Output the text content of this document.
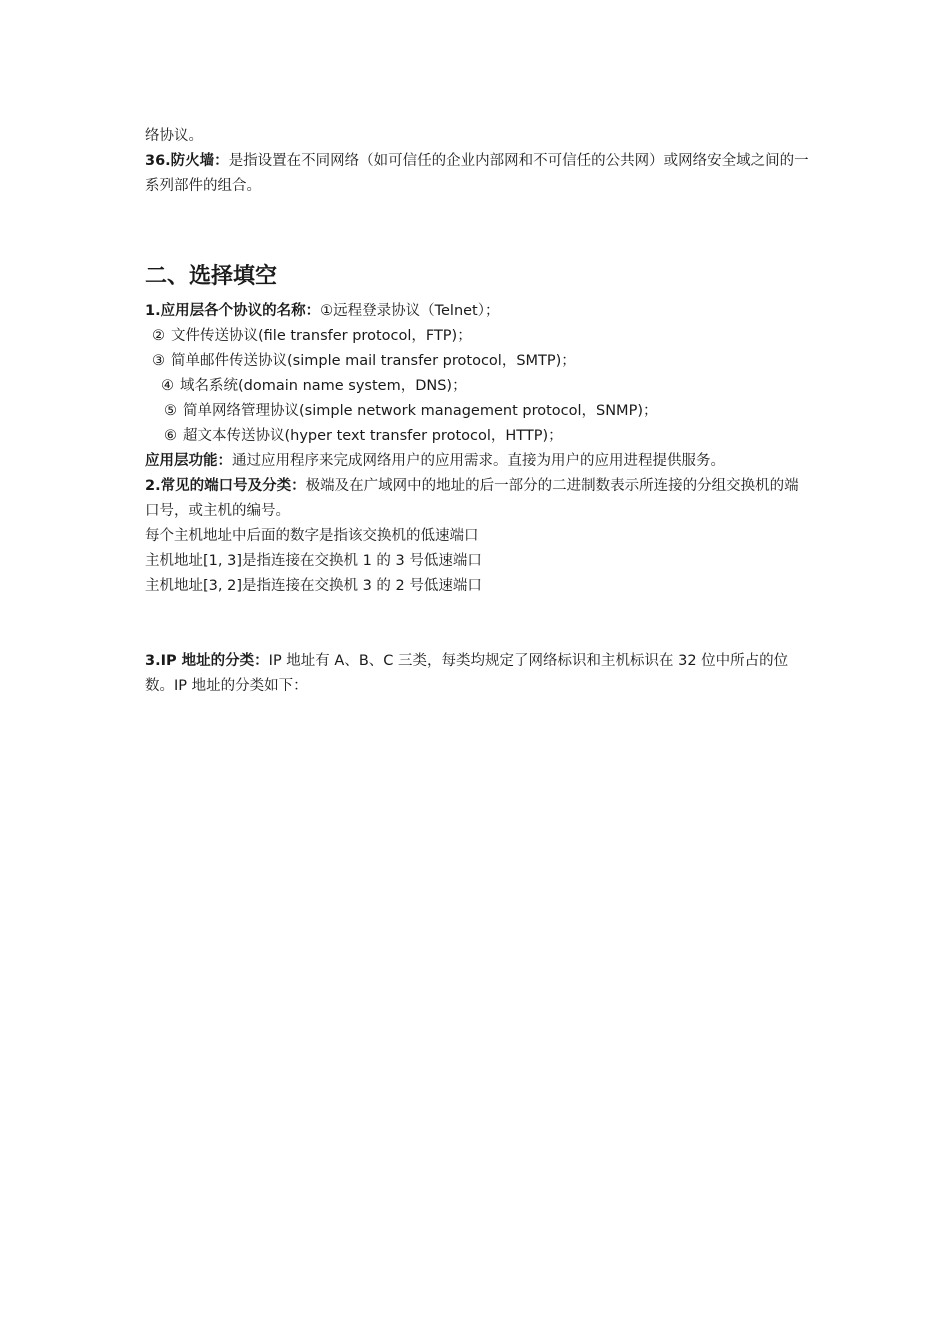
络协议。
36.防火墙：是指设置在不同网络（如可信任的企业内部网和不可信任的公共网）或网络安全域之间的一系列部件的组合。
二、选择填空
1.应用层各个协议的名称：①远程登录协议（Telnet）；
② 文件传送协议(file transfer protocol，FTP)；
③ 简单邮件传送协议(simple mail transfer protocol，SMTP)；
④ 域名系统(domain name system，DNS)；
⑤ 简单网络管理协议(simple network management protocol，SNMP)；
⑥ 超文本传送协议(hyper text transfer protocol，HTTP)；
应用层功能：通过应用程序来完成网络用户的应用需求。直接为用户的应用进程提供服务。
2.常见的端口号及分类：极端及在广域网中的地址的后一部分的二进制数表示所连接的分组交换机的端口号，或主机的编号。
每个主机地址中后面的数字是指该交换机的低速端口
主机地址[1, 3]是指连接在交换机 1 的 3 号低速端口
主机地址[3, 2]是指连接在交换机 3 的 2 号低速端口
3.IP 地址的分类：IP 地址有 A、B、C 三类，每类均规定了网络标识和主机标识在 32 位中所占的位数。IP 地址的分类如下：
